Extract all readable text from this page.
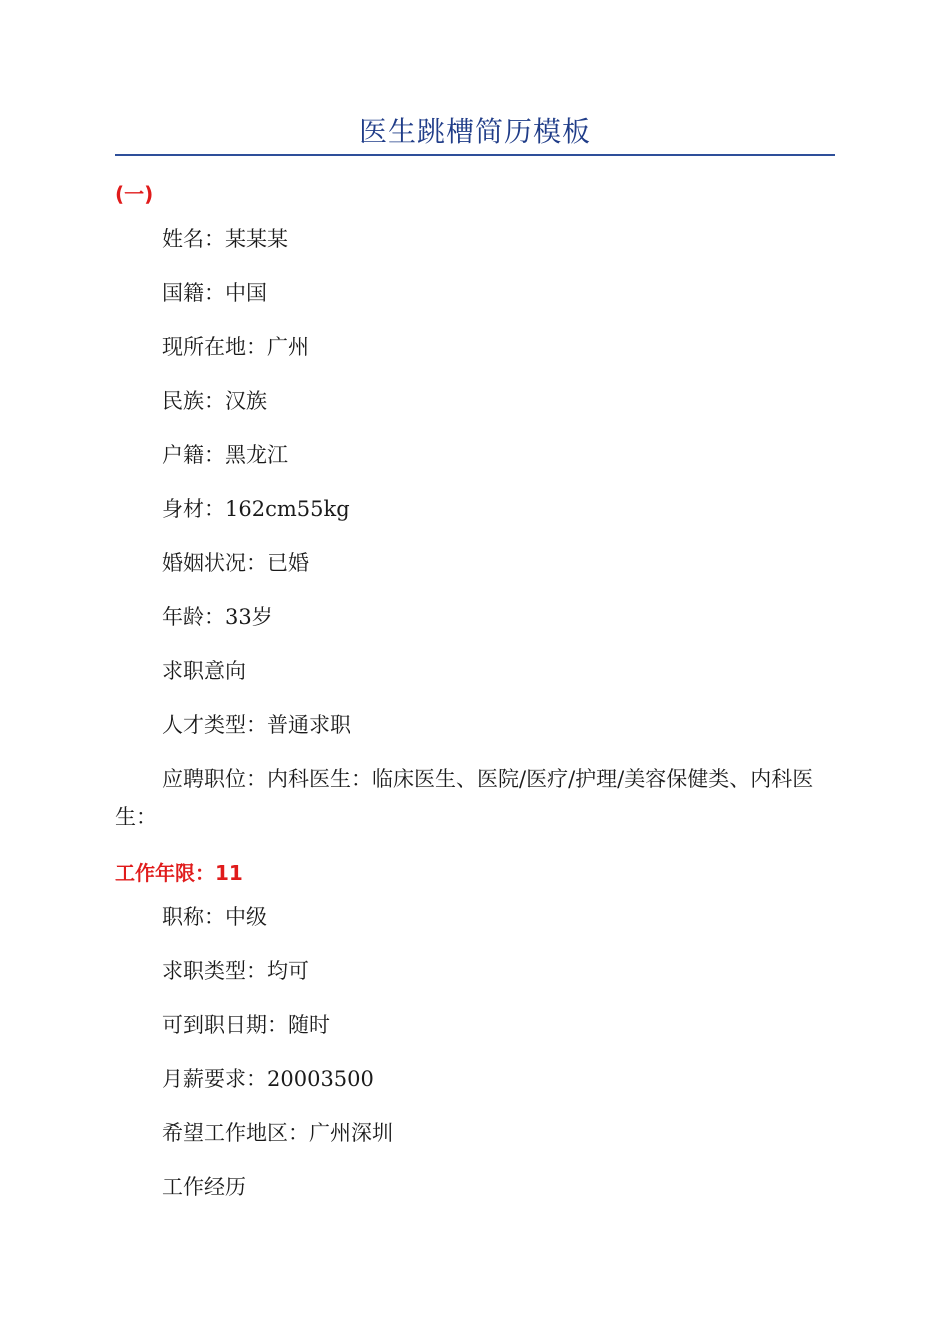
医生跳槽简历模板
(一)
姓名：某某某
国籍：中国
现所在地：广州
民族：汉族
户籍：黑龙江
身材：162cm55kg
婚姻状况：已婚
年龄：33岁
求职意向
人才类型：普通求职
应聘职位：内科医生：临床医生、医院/医疗/护理/美容保健类、内科医生：
工作年限：11
职称：中级
求职类型：均可
可到职日期：随时
月薪要求：20003500
希望工作地区：广州深圳
工作经历
